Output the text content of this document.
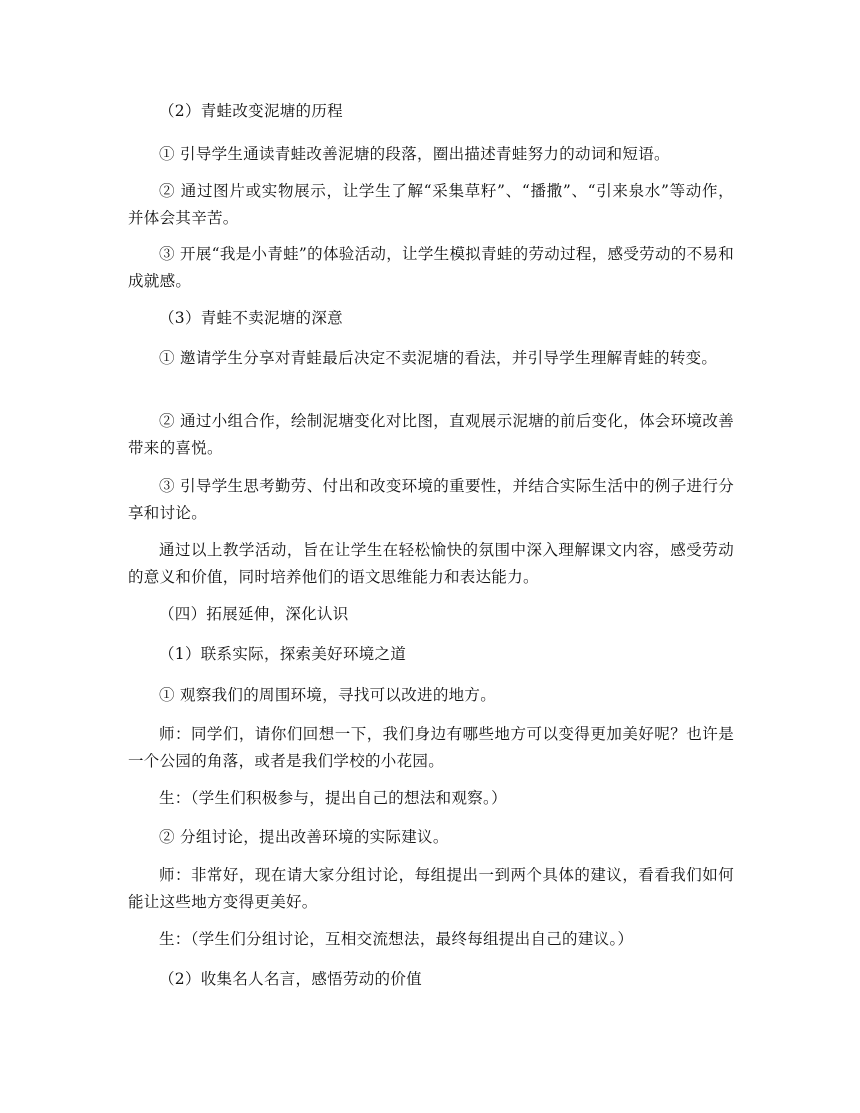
（2）青蛙改变泥塘的历程

① 引导学生通读青蛙改善泥塘的段落，圈出描述青蛙努力的动词和短语。

② 通过图片或实物展示，让学生了解“采集草籽”、“播撒”、“引来泉水”等动作，并体会其辛苦。

③ 开展“我是小青蛙”的体验活动，让学生模拟青蛙的劳动过程，感受劳动的不易和成就感。

（3）青蛙不卖泥塘的深意

① 邀请学生分享对青蛙最后决定不卖泥塘的看法，并引导学生理解青蛙的转变。

② 通过小组合作，绘制泥塘变化对比图，直观展示泥塘的前后变化，体会环境改善带来的喜悦。

③ 引导学生思考勤劳、付出和改变环境的重要性，并结合实际生活中的例子进行分享和讨论。

通过以上教学活动，旨在让学生在轻松愉快的氛围中深入理解课文内容，感受劳动的意义和价值，同时培养他们的语文思维能力和表达能力。

（四）拓展延伸，深化认识

（1）联系实际，探索美好环境之道

① 观察我们的周围环境，寻找可以改进的地方。

师：同学们，请你们回想一下，我们身边有哪些地方可以变得更加美好呢？也许是一个公园的角落，或者是我们学校的小花园。

生：（学生们积极参与，提出自己的想法和观察。）

② 分组讨论，提出改善环境的实际建议。

师：非常好，现在请大家分组讨论，每组提出一到两个具体的建议，看看我们如何能让这些地方变得更美好。

生：（学生们分组讨论，互相交流想法，最终每组提出自己的建议。）

（2）收集名人名言，感悟劳动的价值
